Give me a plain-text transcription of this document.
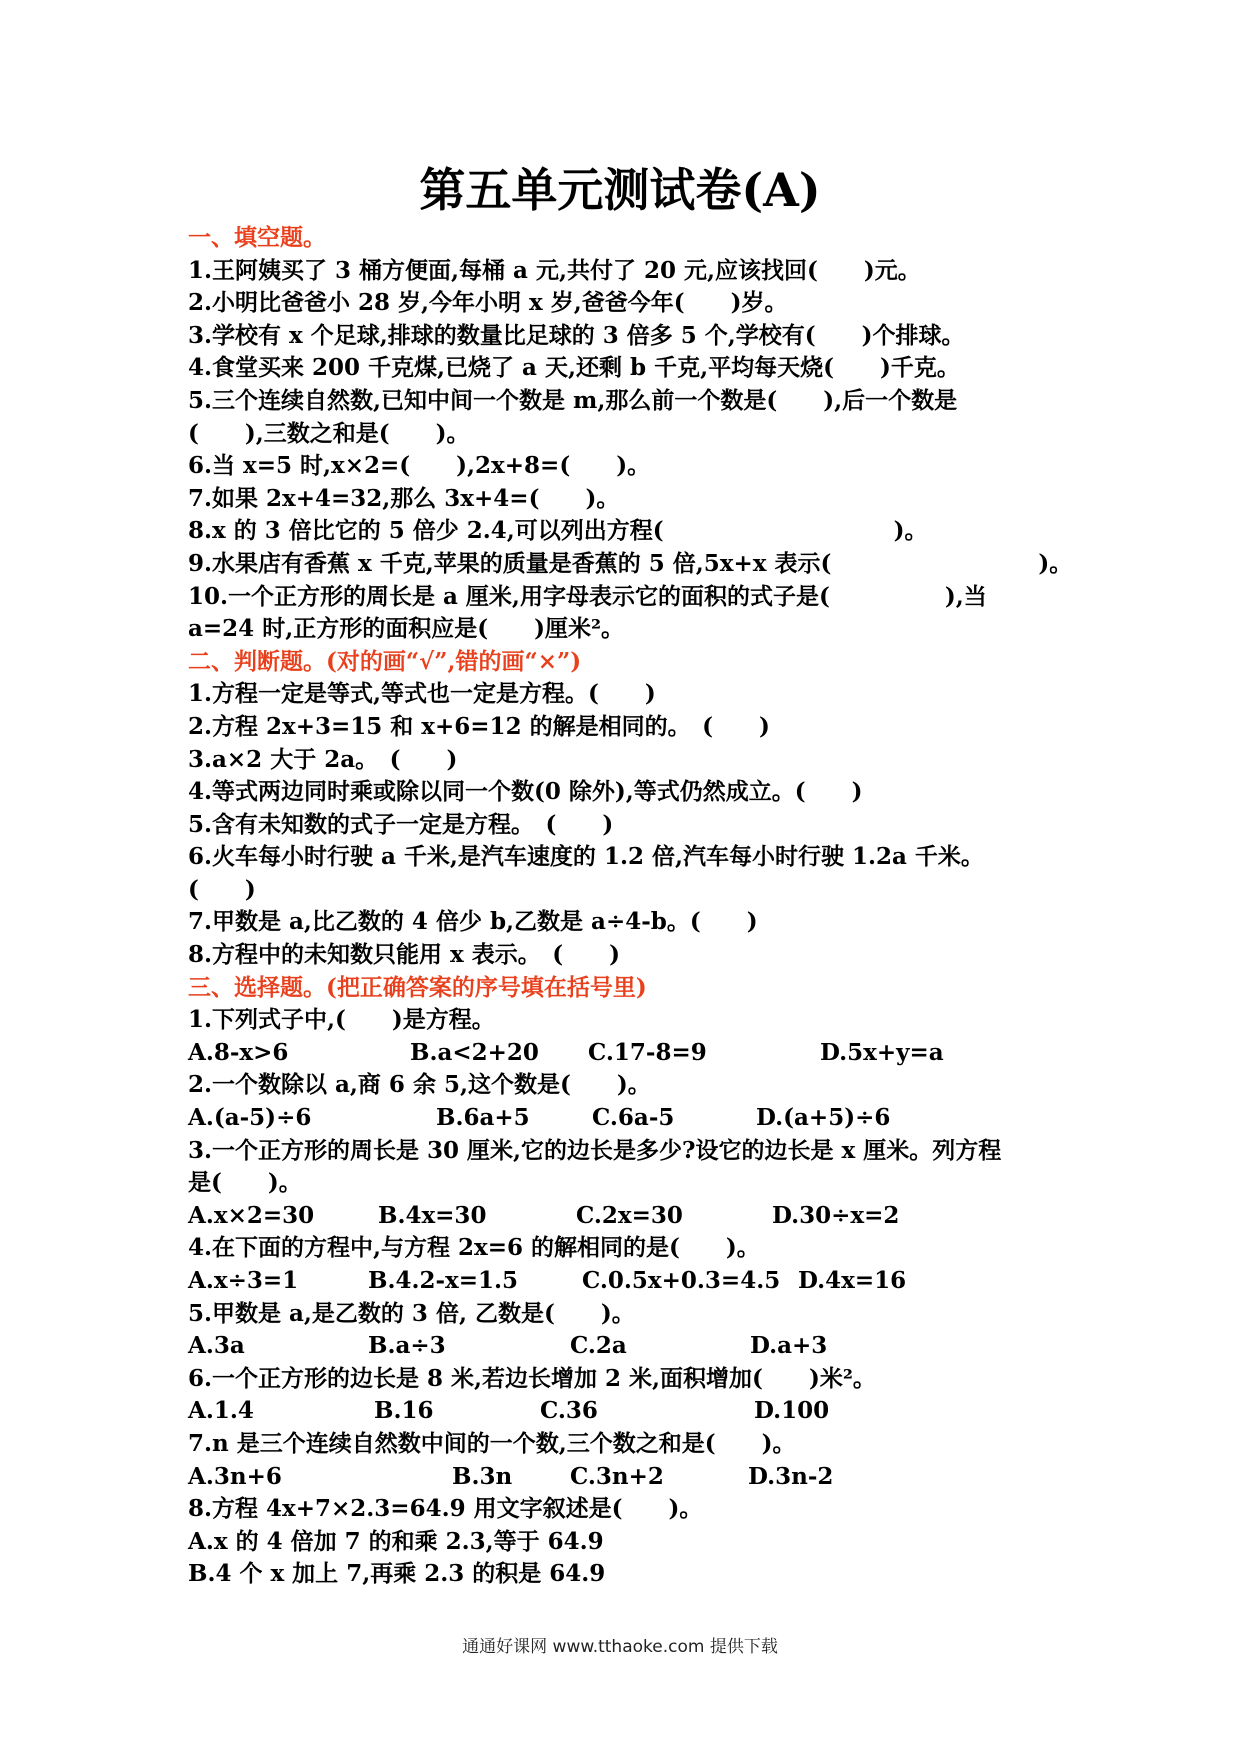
第五单元测试卷(A)
一、填空题。
1.王阿姨买了 3 桶方便面,每桶 a 元,共付了 20 元,应该找回(　　)元。
2.小明比爸爸小 28 岁,今年小明 x 岁,爸爸今年(　　)岁。
3.学校有 x 个足球,排球的数量比足球的 3 倍多 5 个,学校有(　　)个排球。
4.食堂买来 200 千克煤,已烧了 a 天,还剩 b 千克,平均每天烧(　　)千克。
5.三个连续自然数,已知中间一个数是 m,那么前一个数是(　　),后一个数是
(　　),三数之和是(　　)。
6.当 x=5 时,x×2=(　　),2x+8=(　　)。
7.如果 2x+4=32,那么 3x+4=(　　)。
8.x 的 3 倍比它的 5 倍少 2.4,可以列出方程(　　　　　　　　　　)。
9.水果店有香蕉 x 千克,苹果的质量是香蕉的 5 倍,5x+x 表示(　　　　　　　　　)。
10.一个正方形的周长是 a 厘米,用字母表示它的面积的式子是(　　　　　),当
a=24 时,正方形的面积应是(　　)厘米²。
二、判断题。(对的画“√”,错的画“×”)
1.方程一定是等式,等式也一定是方程。(　　)
2.方程 2x+3=15 和 x+6=12 的解是相同的。　(　　)
3.a×2 大于 2a。　(　　)
4.等式两边同时乘或除以同一个数(0 除外),等式仍然成立。(　　)
5.含有未知数的式子一定是方程。　(　　)
6.火车每小时行驶 a 千米,是汽车速度的 1.2 倍,汽车每小时行驶 1.2a 千米。
(　　)
7.甲数是 a,比乙数的 4 倍少 b,乙数是 a÷4-b。(　　)
8.方程中的未知数只能用 x 表示。　(　　)
三、选择题。(把正确答案的序号填在括号里)
1.下列式子中,(　　)是方程。
A.8-x>6	B.a<2+20	C.17-8=9	D.5x+y=a
2.一个数除以 a,商 6 余 5,这个数是(　　)。
A.(a-5)÷6	B.6a+5	C.6a-5	D.(a+5)÷6
3.一个正方形的周长是 30 厘米,它的边长是多少?设它的边长是 x 厘米。列方程
是(　　)。
A.x×2=30	B.4x=30	C.2x=30	D.30÷x=2
4.在下面的方程中,与方程 2x=6 的解相同的是(　　)。
A.x÷3=1	B.4.2-x=1.5	C.0.5x+0.3=4.5 D.4x=16
5.甲数是 a,是乙数的 3 倍, 乙数是(　　)。
A.3a	B.a÷3	C.2a	D.a+3
6.一个正方形的边长是 8 米,若边长增加 2 米,面积增加(　　)米²。
A.1.4	B.16	C.36	D.100
7.n 是三个连续自然数中间的一个数,三个数之和是(　　)。
A.3n+6	B.3n	C.3n+2	D.3n-2
8.方程 4x+7×2.3=64.9 用文字叙述是(　　)。
A.x 的 4 倍加 7 的和乘 2.3,等于 64.9
B.4 个 x 加上 7,再乘 2.3 的积是 64.9
通通好课网 www.tthaoke.com 提供下载
